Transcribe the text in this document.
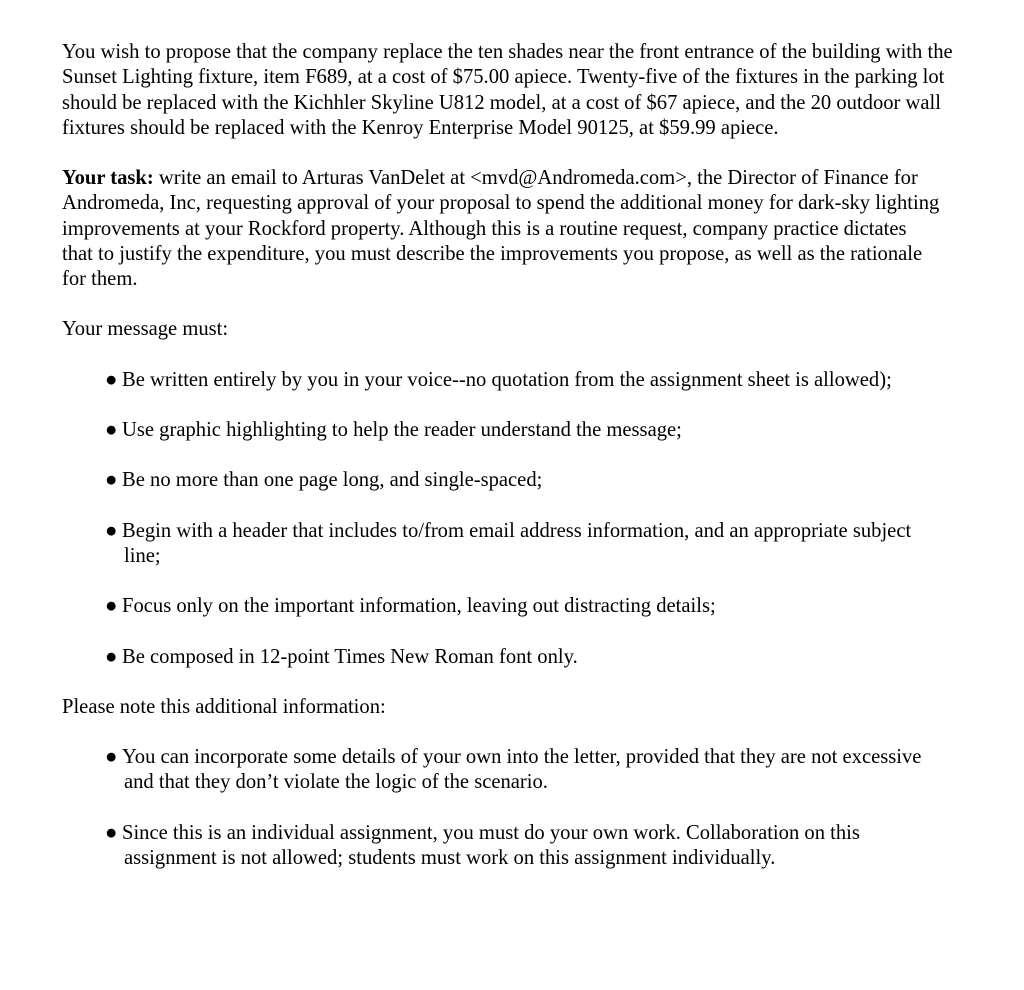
You wish to propose that the company replace the ten shades near the front entrance of the building with the Sunset Lighting fixture, item F689, at a cost of $75.00 apiece. Twenty-five of the fixtures in the parking lot should be replaced with the Kichhler Skyline U812 model, at a cost of $67 apiece, and the 20 outdoor wall fixtures should be replaced with the Kenroy Enterprise Model 90125, at $59.99 apiece.

Your task: write an email to Arturas VanDelet at <mvd@Andromeda.com>, the Director of Finance for Andromeda, Inc, requesting approval of your proposal to spend the additional money for dark-sky lighting improvements at your Rockford property. Although this is a routine request, company practice dictates that to justify the expenditure, you must describe the improvements you propose, as well as the rationale for them.

Your message must:

● Be written entirely by you in your voice--no quotation from the assignment sheet is allowed);

● Use graphic highlighting to help the reader understand the message;

● Be no more than one page long, and single-spaced;

● Begin with a header that includes to/from email address information, and an appropriate subject line;

● Focus only on the important information, leaving out distracting details;

● Be composed in 12-point Times New Roman font only.

Please note this additional information:

● You can incorporate some details of your own into the letter, provided that they are not excessive and that they don’t violate the logic of the scenario.

● Since this is an individual assignment, you must do your own work. Collaboration on this assignment is not allowed; students must work on this assignment individually.
